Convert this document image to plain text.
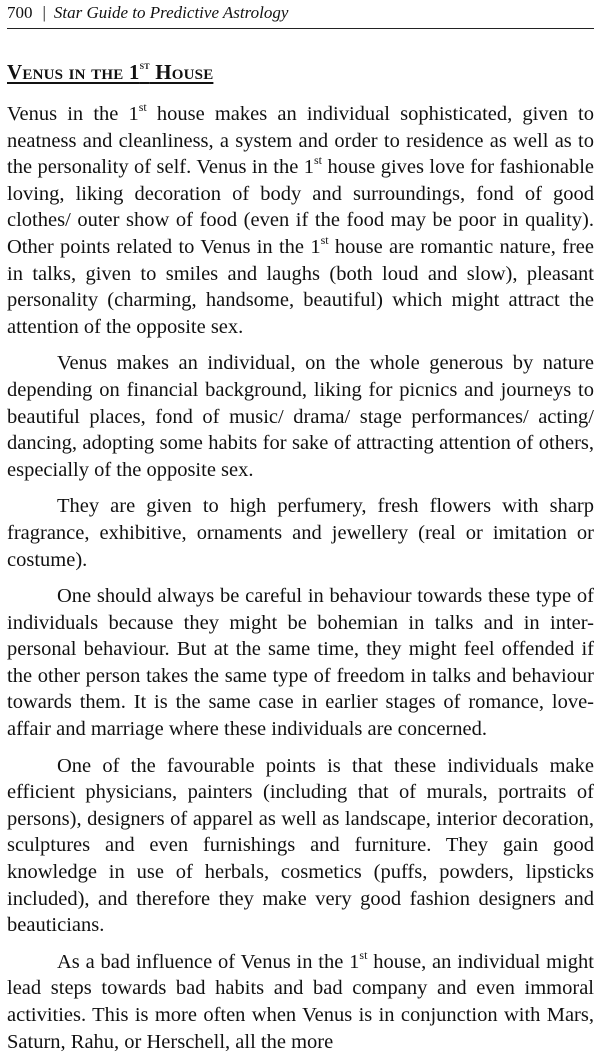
700 | Star Guide to Predictive Astrology
Venus in the 1st House

Venus in the 1st house makes an individual sophisticated, given to neatness and cleanliness, a system and order to residence as well as to the personality of self. Venus in the 1st house gives love for fashionable loving, liking decoration of body and surroundings, fond of good clothes/ outer show of food (even if the food may be poor in quality). Other points related to Venus in the 1st house are romantic nature, free in talks, given to smiles and laughs (both loud and slow), pleasant personality (charming, handsome, beautiful) which might attract the attention of the opposite sex.

Venus makes an individual, on the whole generous by nature depending on financial background, liking for picnics and journeys to beautiful places, fond of music/ drama/ stage performances/ acting/ dancing, adopting some habits for sake of attracting attention of others, especially of the opposite sex.

They are given to high perfumery, fresh flowers with sharp fragrance, exhibitive, ornaments and jewellery (real or imitation or costume).

One should always be careful in behaviour towards these type of individuals because they might be bohemian in talks and in inter-personal behaviour. But at the same time, they might feel offended if the other person takes the same type of freedom in talks and behaviour towards them. It is the same case in earlier stages of romance, love-affair and marriage where these individuals are concerned.

One of the favourable points is that these individuals make efficient physicians, painters (including that of murals, portraits of persons), designers of apparel as well as landscape, interior decoration, sculptures and even furnishings and furniture. They gain good knowledge in use of herbals, cosmetics (puffs, powders, lipsticks included), and therefore they make very good fashion designers and beauticians.

As a bad influence of Venus in the 1st house, an individual might lead steps towards bad habits and bad company and even immoral activities. This is more often when Venus is in conjunction with Mars, Saturn, Rahu, or Herschell, all the more
